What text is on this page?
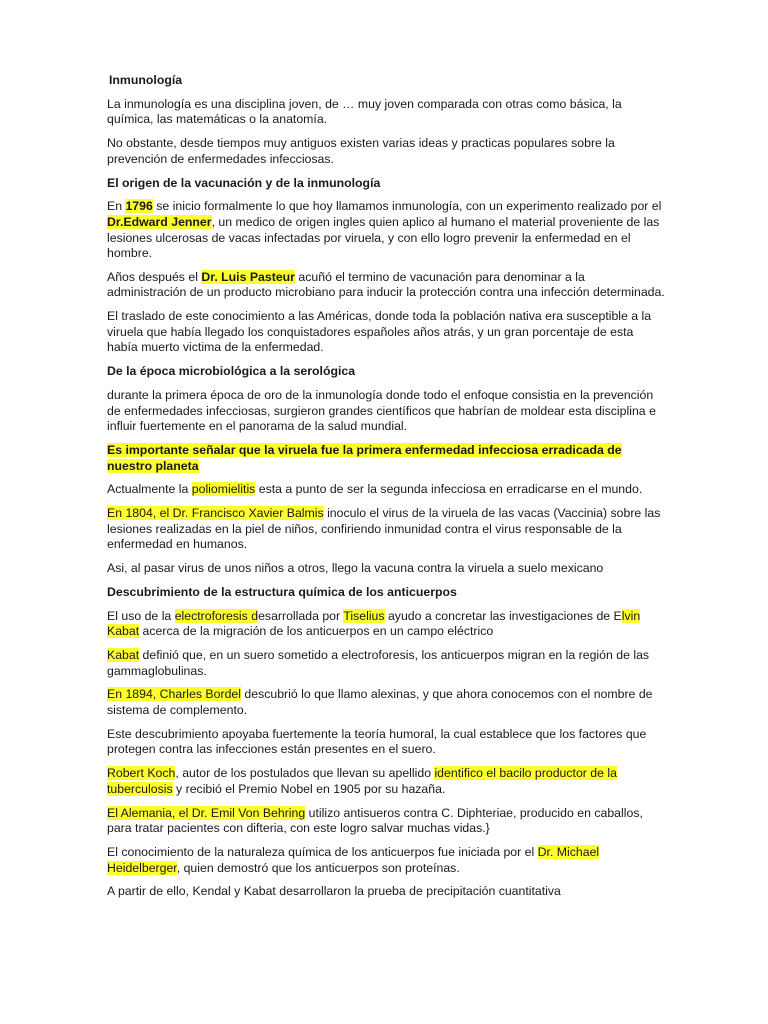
Inmunología

La inmunología es una disciplina joven, de … muy joven comparada con otras como básica, la química, las matemáticas o la anatomía.

No obstante, desde tiempos muy antiguos existen varias ideas y practicas populares sobre la prevención de enfermedades infecciosas.

El origen de la vacunación y de la inmunología

En 1796 se inicio formalmente lo que hoy llamamos inmunología, con un experimento realizado por el Dr.Edward Jenner, un medico de origen ingles quien aplico al humano el material proveniente de las lesiones ulcerosas de vacas infectadas por viruela, y con ello logro prevenir la enfermedad en el hombre.

Años después el Dr. Luis Pasteur acuñó el termino de vacunación para denominar a la administración de un producto microbiano para inducir la protección contra una infección determinada.

El traslado de este conocimiento a las Américas, donde toda la población nativa era susceptible a la viruela que había llegado los conquistadores españoles años atrás, y un gran porcentaje de esta había muerto victima de la enfermedad.

De la época microbiológica a la serológica

durante la primera época de oro de la inmunología donde todo el enfoque consistia en la prevención de enfermedades infecciosas, surgieron grandes científicos que habrían de moldear esta disciplina e influir fuertemente en el panorama de la salud mundial.

Es importante señalar que la viruela fue la primera enfermedad infecciosa erradicada de nuestro planeta

Actualmente la poliomielitis esta a punto de ser la segunda infecciosa en erradicarse en el mundo.

En 1804, el Dr. Francisco Xavier Balmis inoculo el virus de la viruela de las vacas (Vaccinia) sobre las lesiones realizadas en la piel de niños, confiriendo inmunidad contra el virus responsable de la enfermedad en humanos.

Asi, al pasar virus de unos niños a otros, llego la vacuna contra la viruela a suelo mexicano

Descubrimiento de la estructura química de los anticuerpos

El uso de la electroforesis desarrollada por Tiselius ayudo a concretar las investigaciones de Elvin Kabat acerca de la migración de los anticuerpos en un campo eléctrico

Kabat definió que, en un suero sometido a electroforesis, los anticuerpos migran en la región de las gammaglobulinas.

En 1894, Charles Bordel descubrió lo que llamo alexinas, y que ahora conocemos con el nombre de sistema de complemento.

Este descubrimiento apoyaba fuertemente la teoría humoral, la cual establece que los factores que protegen contra las infecciones están presentes en el suero.

Robert Koch, autor de los postulados que llevan su apellido identifico el bacilo productor de la tuberculosis y recibió el Premio Nobel en 1905 por su hazaña.

El Alemania, el Dr. Emil Von Behring utilizo antisueros contra C. Diphteriae, producido en caballos, para tratar pacientes con difteria, con este logro salvar muchas vidas.}

El conocimiento de la naturaleza química de los anticuerpos fue iniciada por el Dr. Michael Heidelberger, quien demostró que los anticuerpos son proteínas.

A partir de ello, Kendal y Kabat desarrollaron la prueba de precipitación cuantitativa
